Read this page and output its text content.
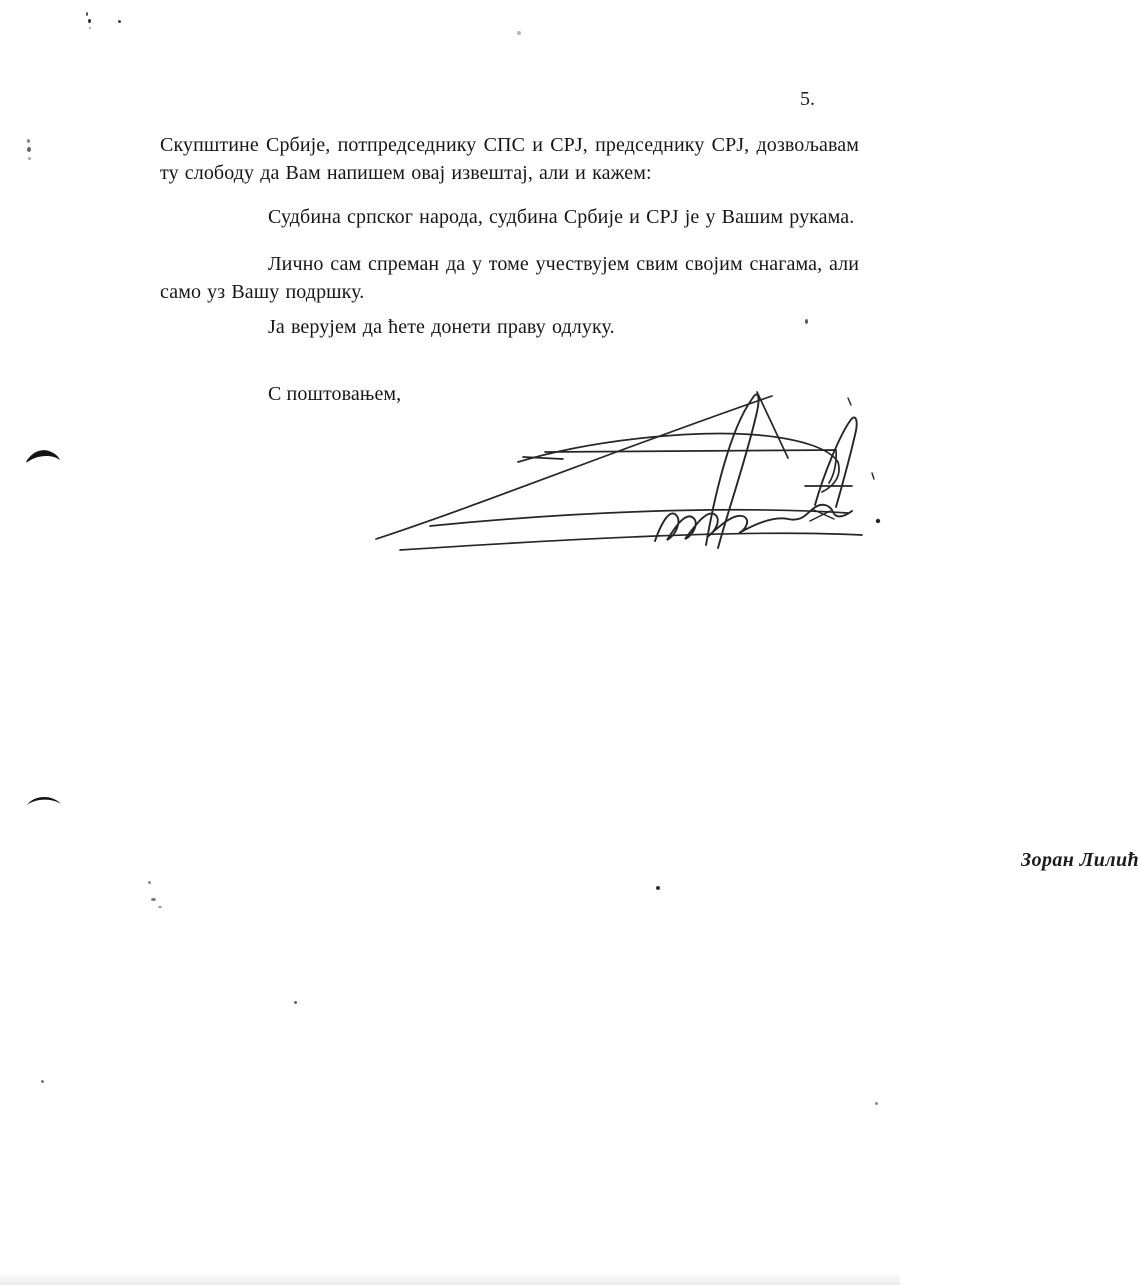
5.
Скупштине Србије, потпредседнику СПС и СРЈ, председнику СРЈ, дозвољавам ту слободу да Вам напишем овај извештај, али и кажем:
Судбина српског народа, судбина Србије и СРЈ је у Вашим рукама.
Лично сам спреман да у томе учествујем свим својим снагама, али само уз Вашу подршку.
Ја верујем да ћете донети праву одлуку.
С поштовањем,
Зоран Лилић
